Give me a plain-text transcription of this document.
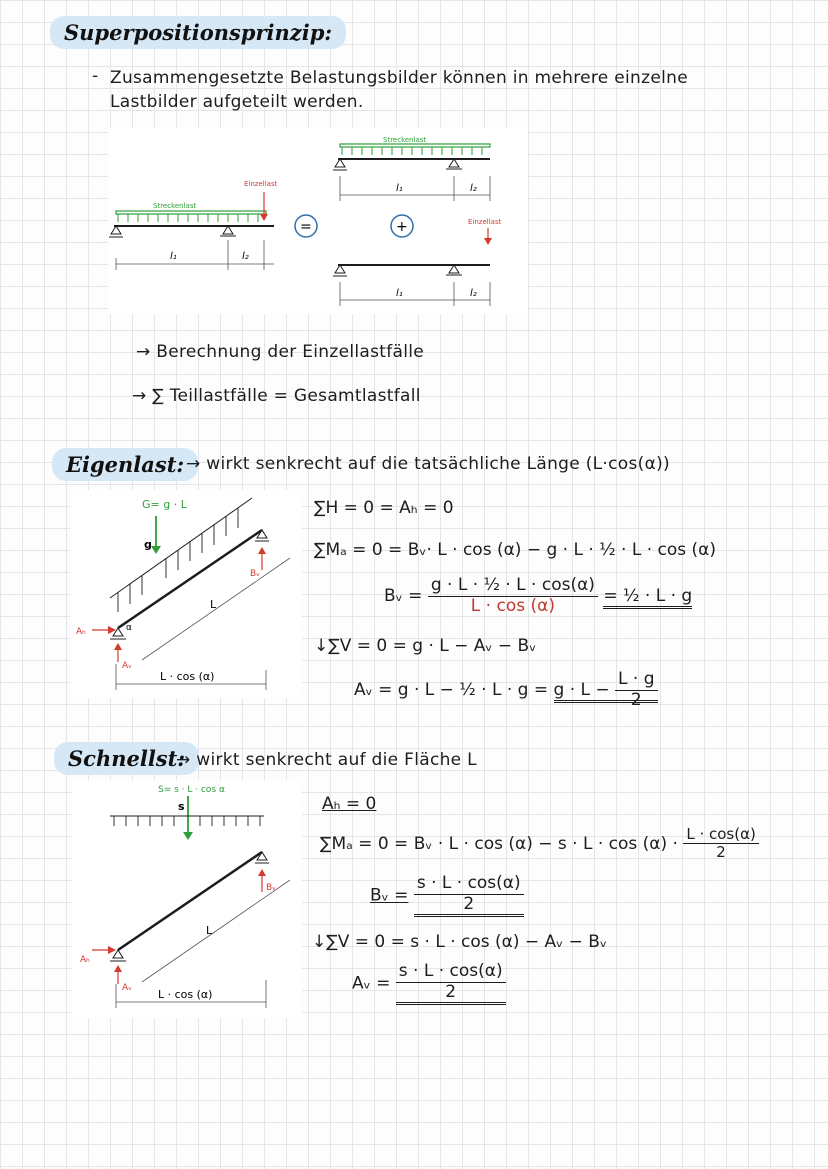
Superpositionsprinzip:
- Zusammengesetzte Belastungsbilder können in mehrere einzelne
Lastbilder aufgeteilt werden.
Streckenlast
Einzellast
l₁	l₂
=	+
Streckenlast
l₁	l₂
Einzellast
l₁	l₂
→ Berechnung der Einzellastfälle
→ ∑ Teillastfälle = Gesamtlastfall
Eigenlast: → wirkt senkrecht auf die tatsächliche Länge (L·cos(α))
G= g · L
g
α
Bᵥ
Aₕ
Aᵥ
L
L · cos (α)
∑H = 0 = Aₕ = 0
∑Mₐ = 0 = Bᵥ· L · cos (α) − g · L · ½ · L · cos (α)
Bᵥ = $\frac{\text{g · L · ½ · L · cos(α)}}{L \cdot \cos (\alpha)}$ = ½ · L · g
↓∑V = 0 = g · L − Aᵥ − Bᵥ
Aᵥ = g · L − ½ · $L \cdot g = g \cdot L - \frac{L \cdot g}{2}$
Schnellst:
→ wirkt senkrecht auf die Fläche L
S= s · L · cos α
s
Bᵥ
Aₕ
Aᵥ
L
L · cos (α)
Aₕ = 0
∑Mₐ = 0 = Bᵥ · $L \cdot \cos (\alpha) - s \cdot L \cdot \cos (\alpha) \cdot \frac{L \cdot \cos(\alpha)}{2}$
Bᵥ = $\frac{s \cdot L \cdot \cos(\alpha)}{2}$
↓∑V = 0 = s · L · cos (α) − Aᵥ − Bᵥ
Aᵥ = $\frac{s \cdot L \cdot \cos(\alpha)}{2}$
